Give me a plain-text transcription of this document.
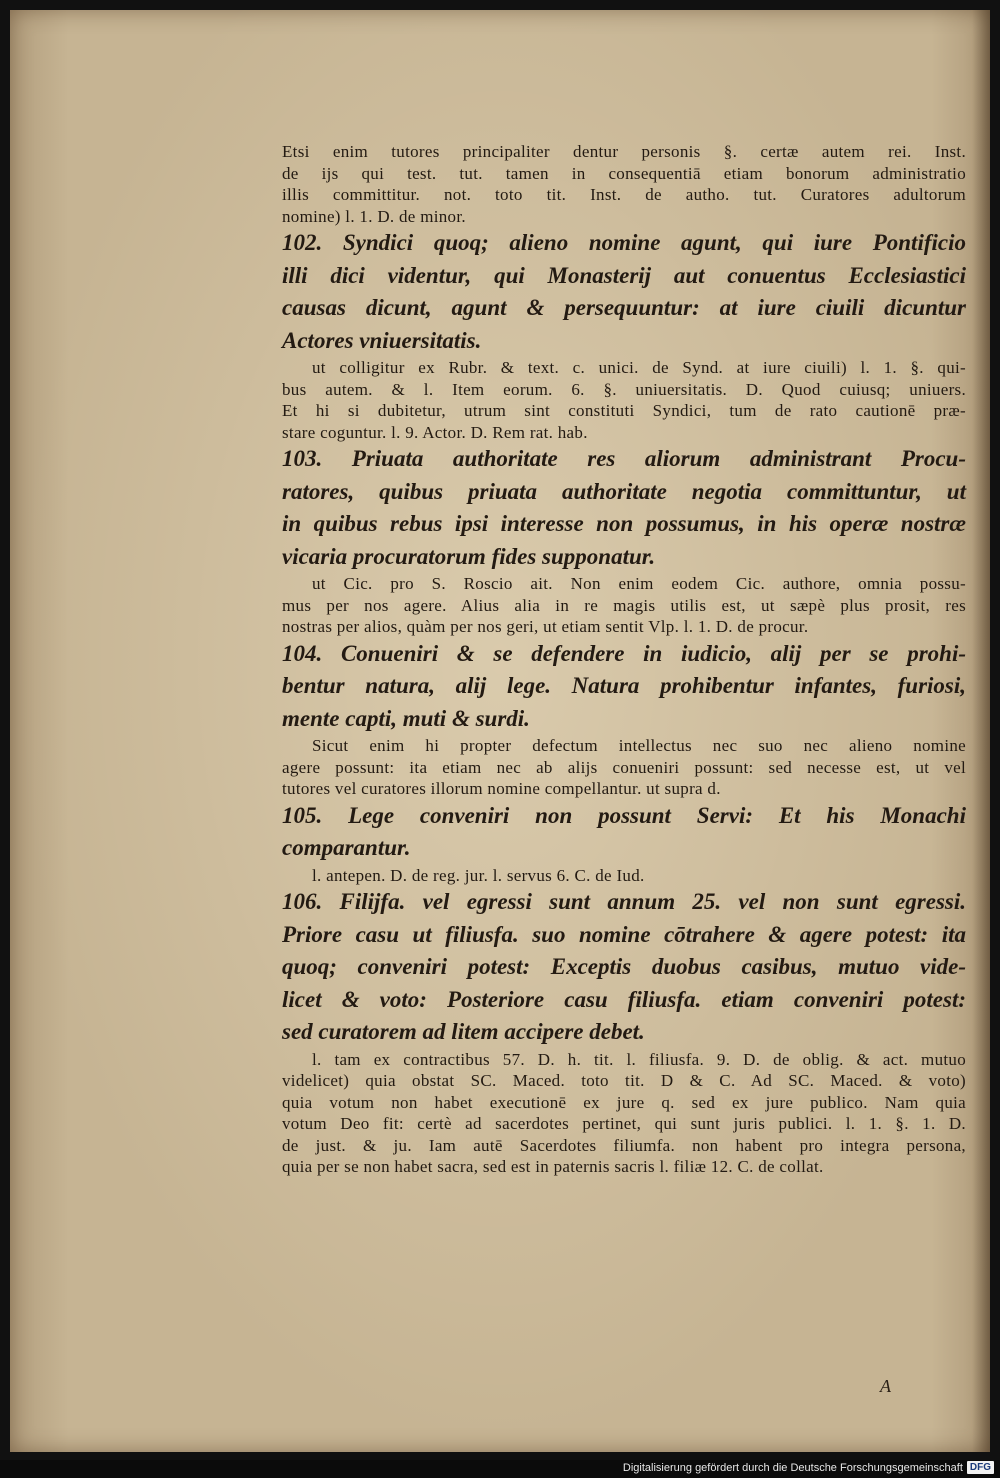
Etsi enim tutores principaliter dentur personis §. certæ autem rei. Inst.
de ijs qui test. tut. tamen in consequentiā etiam bonorum administratio
illis committitur. not. toto tit. Inst. de autho. tut. Curatores adultorum
nomine) l. 1. D. de minor.
102. Syndici quoq; alieno nomine agunt, qui iure Pontificio
illi dici videntur, qui Monasterij aut conuentus Ecclesiastici
causas dicunt, agunt & persequuntur: at iure ciuili dicuntur
Actores vniuersitatis.
ut colligitur ex Rubr. & text. c. unici. de Synd. at iure ciuili) l. 1. §. qui-
bus autem. & l. Item eorum. 6. §. uniuersitatis. D. Quod cuiusq; uniuers.
Et hi si dubitetur, utrum sint constituti Syndici, tum de rato cautionē præ-
stare coguntur. l. 9. Actor. D. Rem rat. hab.
103. Priuata authoritate res aliorum administrant Procu-
ratores, quibus priuata authoritate negotia committuntur, ut
in quibus rebus ipsi interesse non possumus, in his operæ nostræ
vicaria procuratorum fides supponatur.
ut Cic. pro S. Roscio ait. Non enim eodem Cic. authore, omnia possu-
mus per nos agere. Alius alia in re magis utilis est, ut sæpè plus prosit, res
nostras per alios, quàm per nos geri, ut etiam sentit Vlp. l. 1. D. de procur.
104. Conueniri & se defendere in iudicio, alij per se prohi-
bentur natura, alij lege. Natura prohibentur infantes, furiosi,
mente capti, muti & surdi.
Sicut enim hi propter defectum intellectus nec suo nec alieno nomine
agere possunt: ita etiam nec ab alijs conueniri possunt: sed necesse est, ut vel
tutores vel curatores illorum nomine compellantur. ut supra d.
105. Lege conveniri non possunt Servi: Et his Monachi
comparantur.
l. antepen. D. de reg. jur. l. servus 6. C. de Iud.
106. Filijfa. vel egressi sunt annum 25. vel non sunt egressi.
Priore casu ut filiusfa. suo nomine cōtrahere & agere potest: ita
quoq; conveniri potest: Exceptis duobus casibus, mutuo vide-
licet & voto: Posteriore casu filiusfa. etiam conveniri potest:
sed curatorem ad litem accipere debet.
l. tam ex contractibus 57. D. h. tit. l. filiusfa. 9. D. de oblig. & act. mutuo
videlicet) quia obstat SC. Maced. toto tit. D & C. Ad SC. Maced. & voto)
quia votum non habet executionē ex jure q. sed ex jure publico. Nam quia
votum Deo fit: certè ad sacerdotes pertinet, qui sunt juris publici. l. 1. §. 1. D.
de just. & ju. Iam autē Sacerdotes filiumfa. non habent pro integra persona,
quia per se non habet sacra, sed est in paternis sacris l. filiæ 12. C. de collat.
A
Digitalisierung gefördert durch die Deutsche Forschungsgemeinschaft DFG
